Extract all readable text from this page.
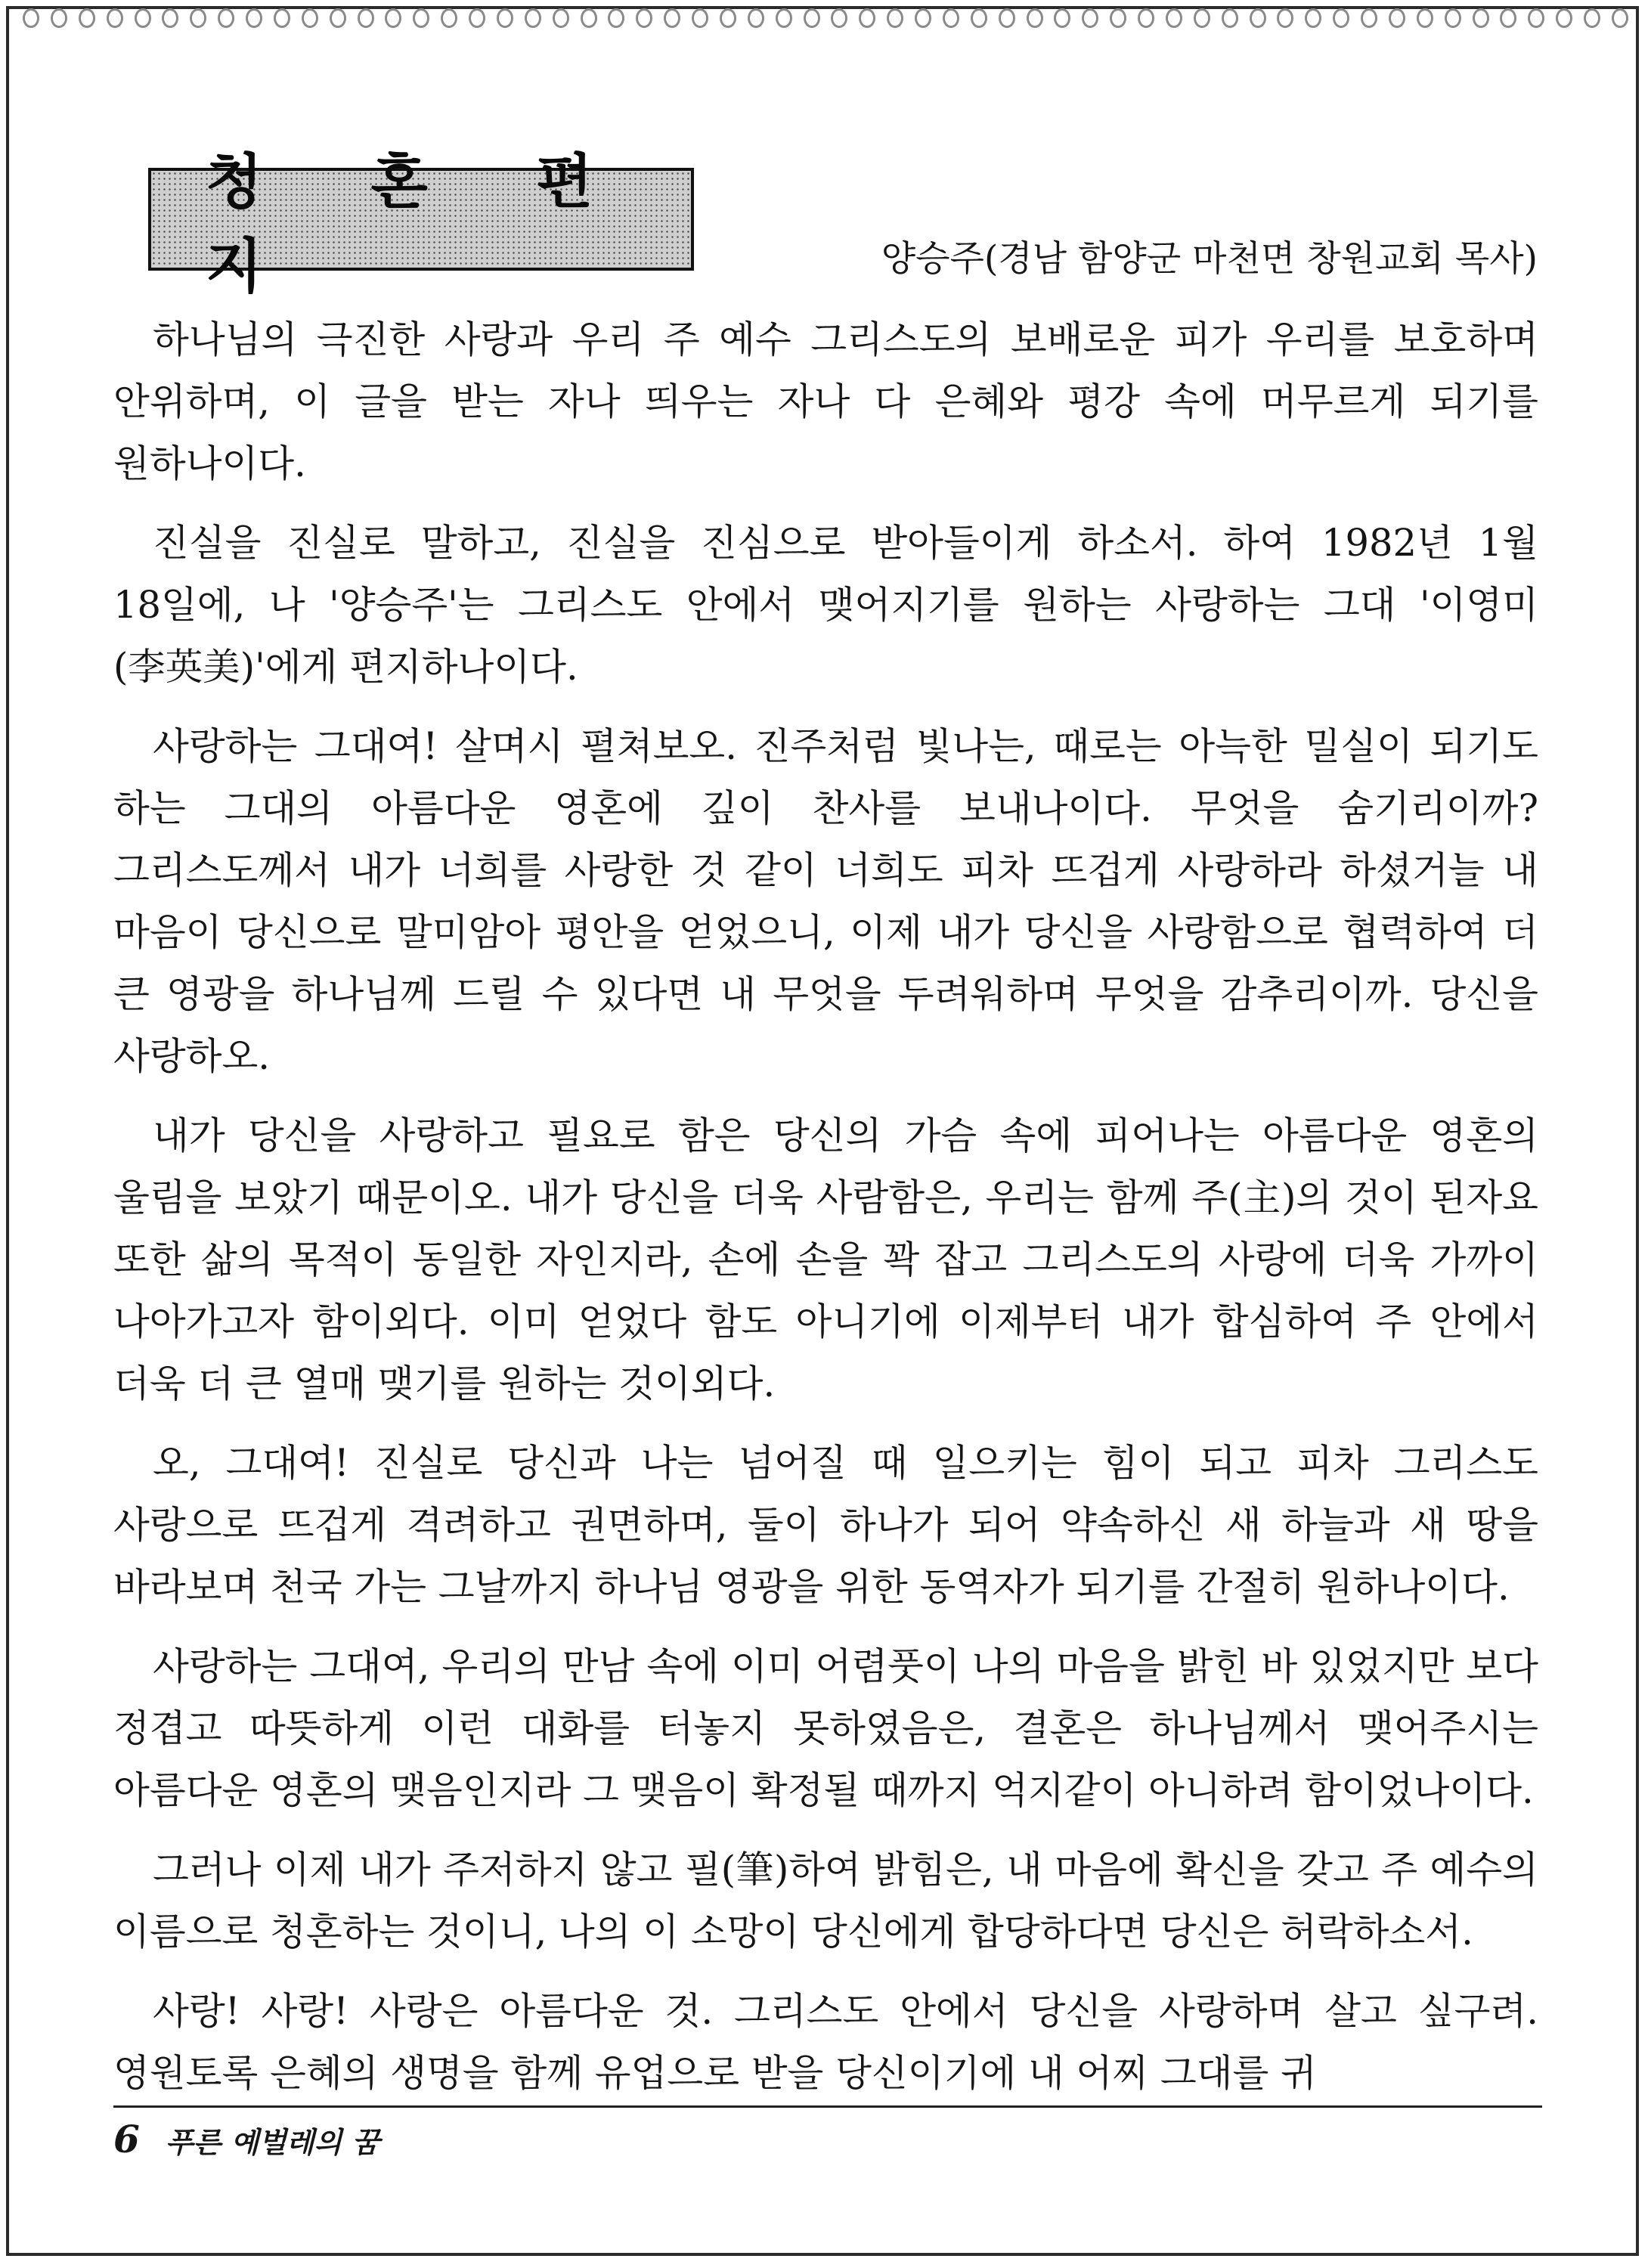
청 혼 편 지	양승주(경남 함양군 마천면 창원교회 목사)

하나님의 극진한 사랑과 우리 주 예수 그리스도의 보배로운 피가 우리를 보호하며 안위하며, 이 글을 받는 자나 띄우는 자나 다 은혜와 평강 속에 머무르게 되기를 원하나이다.

진실을 진실로 말하고, 진실을 진심으로 받아들이게 하소서. 하여 1982년 1월 18일에, 나 '양승주'는 그리스도 안에서 맺어지기를 원하는 사랑하는 그대 '이영미(李英美)'에게 편지하나이다.

사랑하는 그대여! 살며시 펼쳐보오. 진주처럼 빛나는, 때로는 아늑한 밀실이 되기도 하는 그대의 아름다운 영혼에 깊이 찬사를 보내나이다. 무엇을 숨기리이까? 그리스도께서 내가 너희를 사랑한 것 같이 너희도 피차 뜨겁게 사랑하라 하셨거늘 내 마음이 당신으로 말미암아 평안을 얻었으니, 이제 내가 당신을 사랑함으로 협력하여 더 큰 영광을 하나님께 드릴 수 있다면 내 무엇을 두려워하며 무엇을 감추리이까. 당신을 사랑하오.

내가 당신을 사랑하고 필요로 함은 당신의 가슴 속에 피어나는 아름다운 영혼의 울림을 보았기 때문이오. 내가 당신을 더욱 사람함은, 우리는 함께 주(主)의 것이 된자요 또한 삶의 목적이 동일한 자인지라, 손에 손을 꽉 잡고 그리스도의 사랑에 더욱 가까이 나아가고자 함이외다. 이미 얻었다 함도 아니기에 이제부터 내가 합심하여 주 안에서 더욱 더 큰 열매 맺기를 원하는 것이외다.

오, 그대여! 진실로 당신과 나는 넘어질 때 일으키는 힘이 되고 피차 그리스도 사랑으로 뜨겁게 격려하고 권면하며, 둘이 하나가 되어 약속하신 새 하늘과 새 땅을 바라보며 천국 가는 그날까지 하나님 영광을 위한 동역자가 되기를 간절히 원하나이다.

사랑하는 그대여, 우리의 만남 속에 이미 어렴풋이 나의 마음을 밝힌 바 있었지만 보다 정겹고 따뜻하게 이런 대화를 터놓지 못하였음은, 결혼은 하나님께서 맺어주시는 아름다운 영혼의 맺음인지라 그 맺음이 확정될 때까지 억지같이 아니하려 함이었나이다.

그러나 이제 내가 주저하지 않고 필(筆)하여 밝힘은, 내 마음에 확신을 갖고 주 예수의 이름으로 청혼하는 것이니, 나의 이 소망이 당신에게 합당하다면 당신은 허락하소서.

사랑! 사랑! 사랑은 아름다운 것. 그리스도 안에서 당신을 사랑하며 살고 싶구려. 영원토록 은혜의 생명을 함께 유업으로 받을 당신이기에 내 어찌 그대를 귀

6 푸른 예벌레의 꿈
